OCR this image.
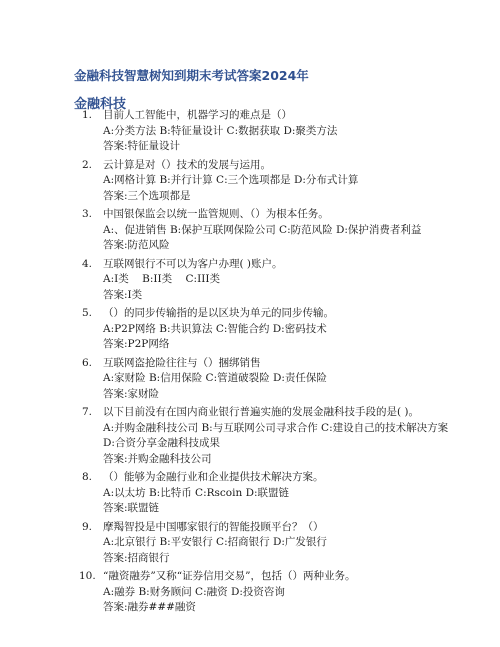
金融科技智慧树知到期末考试答案2024年
金融科技
1. 目前人工智能中，机器学习的难点是（）
A:分类方法 B:特征量设计 C:数据获取 D:聚类方法
答案:特征量设计
2. 云计算是对（）技术的发展与运用。
A:网格计算 B:并行计算 C:三个选项都是 D:分布式计算
答案:三个选项都是
3. 中国银保监会以统一监管规则、（）为根本任务。
A:、促进销售 B:保护互联网保险公司 C:防范风险 D:保护消费者利益
答案:防范风险
4. 互联网银行不可以为客户办理( )账户。
A:I类    B:II类    C:III类
答案:I类
5. （）的同步传输指的是以区块为单元的同步传输。
A:P2P网络 B:共识算法 C:智能合约 D:密码技术
答案:P2P网络
6. 互联网盗抢险往往与（）捆绑销售
A:家财险 B:信用保险 C:管道破裂险 D:责任保险
答案:家财险
7. 以下目前没有在国内商业银行普遍实施的发展金融科技手段的是( )。
A:并购金融科技公司 B:与互联网公司寻求合作 C:建设自己的技术解决方案
D:合资分享金融科技成果
答案:并购金融科技公司
8. （）能够为金融行业和企业提供技术解决方案。
A:以太坊 B:比特币 C:Rscoin D:联盟链
答案:联盟链
9. 摩羯智投是中国哪家银行的智能投顾平台？（）
A:北京银行 B:平安银行 C:招商银行 D:广发银行
答案:招商银行
10. “融资融券”又称“证券信用交易”，包括（）两种业务。
A:融券 B:财务顾问 C:融资 D:投资咨询
答案:融券###融资
